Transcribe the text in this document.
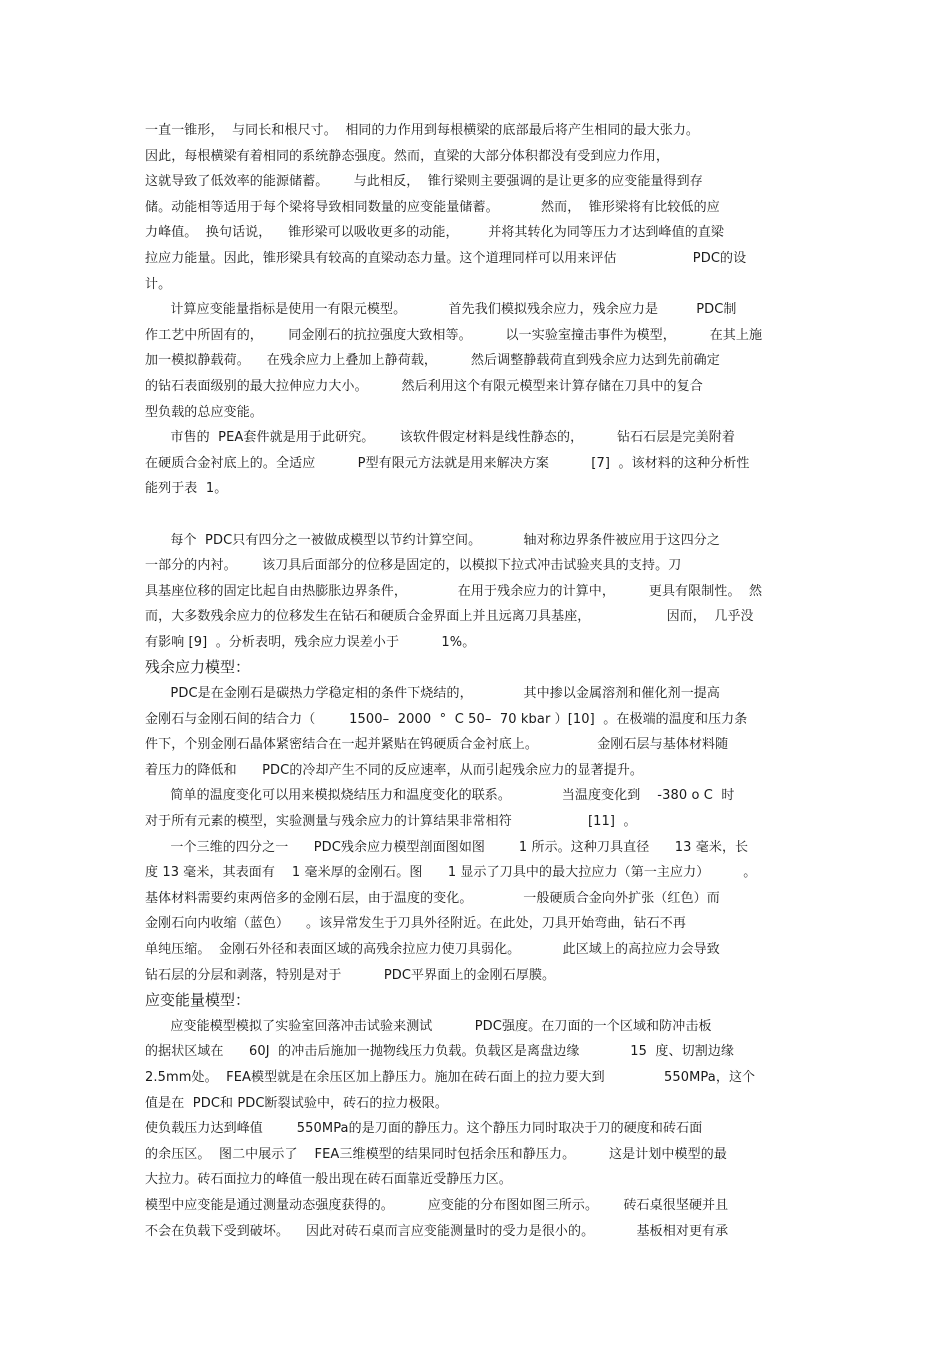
一直一锥形，  与同长和根尺寸。  相同的力作用到每根横梁的底部最后将产生相同的最大张力。
因此，每根横梁有着相同的系统静态强度。然而，直梁的大部分体积都没有受到应力作用，
这就导致了低效率的能源储蓄。      与此相反，  锥行梁则主要强调的是让更多的应变能量得到存
储。动能相等适用于每个梁将导致相同数量的应变能量储蓄。          然而，  锥形梁将有比较低的应
力峰值。  换句话说，    锥形梁可以吸收更多的动能，       并将其转化为同等压力才达到峰值的直梁
拉应力能量。因此，锥形梁具有较高的直梁动态力量。这个道理同样可以用来评估                  PDC的设
计。
计算应变能量指标是使用一有限元模型。          首先我们模拟残余应力，残余应力是         PDC制
作工艺中所固有的，      同金刚石的抗拉强度大致相等。        以一实验室撞击事件为模型，        在其上施
加一模拟静载荷。    在残余应力上叠加上静荷载，        然后调整静载荷直到残余应力达到先前确定
的钻石表面级别的最大拉伸应力大小。        然后利用这个有限元模型来计算存储在刀具中的复合
型负载的总应变能。
市售的  PEA套件就是用于此研究。      该软件假定材料是线性静态的，        钻石石层是完美附着
在硬质合金衬底上的。全适应          P型有限元方法就是用来解决方案          [7]  。该材料的这种分析性
能列于表  1。
每个  PDC只有四分之一被做成模型以节约计算空间。          轴对称边界条件被应用于这四分之
一部分的内衬。      该刀具后面部分的位移是固定的，以模拟下拉式冲击试验夹具的支持。刀
具基座位移的固定比起自由热膨胀边界条件，            在用于残余应力的计算中，        更具有限制性。  然
而，大多数残余应力的位移发生在钻石和硬质合金界面上并且远离刀具基座，                  因而，  几乎没
有影响 [9]  。分析表明，残余应力误差小于          1%。
残余应力模型：
PDC是在金刚石是碳热力学稳定相的条件下烧结的，            其中掺以金属溶剂和催化剂一提高
金刚石与金刚石间的结合力（        1500–  2000  °  C 50–  70 kbar ）[10]  。在极端的温度和压力条
件下，个别金刚石晶体紧密结合在一起并紧贴在钨硬质合金衬底上。              金刚石层与基体材料随
着压力的降低和      PDC的冷却产生不同的反应速率，从而引起残余应力的显著提升。
简单的温度变化可以用来模拟烧结压力和温度变化的联系。            当温度变化到    -380 o C  时
对于所有元素的模型，实验测量与残余应力的计算结果非常相符                  [11]  。
一个三维的四分之一      PDC残余应力模型剖面图如图        1 所示。这种刀具直径      13 毫米，长
度 13 毫米，其表面有    1 毫米厚的金刚石。图      1 显示了刀具中的最大拉应力（第一主应力）        。
基体材料需要约束两倍多的金刚石层，由于温度的变化。            一般硬质合金向外扩张（红色）而
金刚石向内收缩（蓝色）    。该异常发生于刀具外径附近。在此处，刀具开始弯曲，钻石不再
单纯压缩。  金刚石外径和表面区域的高残余拉应力使刀具弱化。          此区域上的高拉应力会导致
钻石层的分层和剥落，特别是对于          PDC平界面上的金刚石厚膜。
应变能量模型：
应变能模型模拟了实验室回落冲击试验来测试          PDC强度。在刀面的一个区域和防冲击板
的据状区域在      60J  的冲击后施加一抛物线压力负载。负载区是离盘边缘            15  度、切割边缘
2.5mm处。  FEA模型就是在余压区加上静压力。施加在砖石面上的拉力要大到              550MPa，这个
值是在  PDC和 PDC断裂试验中，砖石的拉力极限。
使负载压力达到峰值        550MPa的是刀面的静压力。这个静压力同时取决于刀的硬度和砖石面
的余压区。  图二中展示了    FEA三维模型的结果同时包括余压和静压力。        这是计划中模型的最
大拉力。砖石面拉力的峰值一般出现在砖石面靠近受静压力区。
模型中应变能是通过测量动态强度获得的。        应变能的分布图如图三所示。      砖石桌很坚硬并且
不会在负载下受到破坏。    因此对砖石桌而言应变能测量时的受力是很小的。          基板相对更有承
